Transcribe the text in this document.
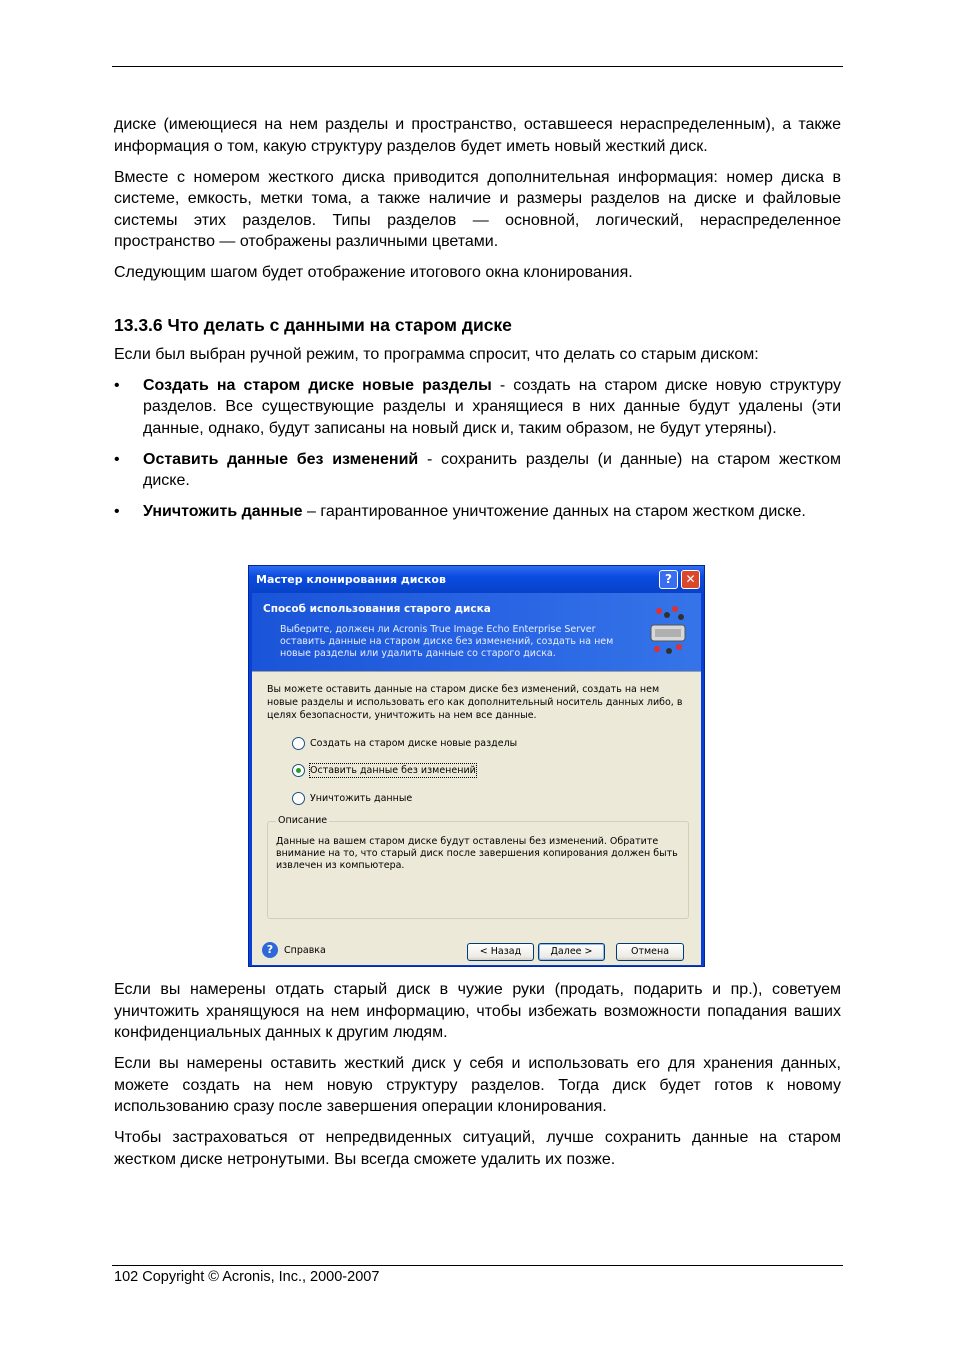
диске (имеющиеся на нем разделы и пространство, оставшееся нераспределенным), а также информация о том, какую структуру разделов будет иметь новый жесткий диск.

Вместе с номером жесткого диска приводится дополнительная информация: номер диска в системе, емкость, метки тома, а также наличие и размеры разделов на диске и файловые системы этих разделов. Типы разделов — основной, логический, нераспределенное пространство — отображены различными цветами.

Следующим шагом будет отображение итогового окна клонирования.

13.3.6 Что делать с данными на старом диске

Если был выбран ручной режим, то программа спросит, что делать со старым диском:

• Создать на старом диске новые разделы - создать на старом диске новую структуру разделов. Все существующие разделы и хранящиеся в них данные будут удалены (эти данные, однако, будут записаны на новый диск и, таким образом, не будут утеряны).
• Оставить данные без изменений - сохранить разделы (и данные) на старом жестком диске.
• Уничтожить данные – гарантированное уничтожение данных на старом жестком диске.
Мастер клонирования дисков	?	✕
Способ использования старого диска
Выберите, должен ли Acronis True Image Echo Enterprise Server оставить данные на старом диске без изменений, создать на нем новые разделы или удалить данные со старого диска.
Вы можете оставить данные на старом диске без изменений, создать на нем новые разделы и использовать его как дополнительный носитель данных либо, в целях безопасности, уничтожить на нем все данные.
Создать на старом диске новые разделы
Оставить данные без изменений
Уничтожить данные
Описание
Данные на вашем старом диске будут оставлены без изменений. Обратите внимание на то, что старый диск после завершения копирования должен быть извлечен из компьютера.
?	Справка	< Назад	Далее >	Отмена

Если вы намерены отдать старый диск в чужие руки (продать, подарить и пр.), советуем уничтожить хранящуюся на нем информацию, чтобы избежать возможности попадания ваших конфиденциальных данных к другим людям.

Если вы намерены оставить жесткий диск у себя и использовать его для хранения данных, можете создать на нем новую структуру разделов. Тогда диск будет готов к новому использованию сразу после завершения операции клонирования.

Чтобы застраховаться от непредвиденных ситуаций, лучше сохранить данные на старом жестком диске нетронутыми. Вы всегда сможете удалить их позже.

102 Copyright © Acronis, Inc., 2000-2007
